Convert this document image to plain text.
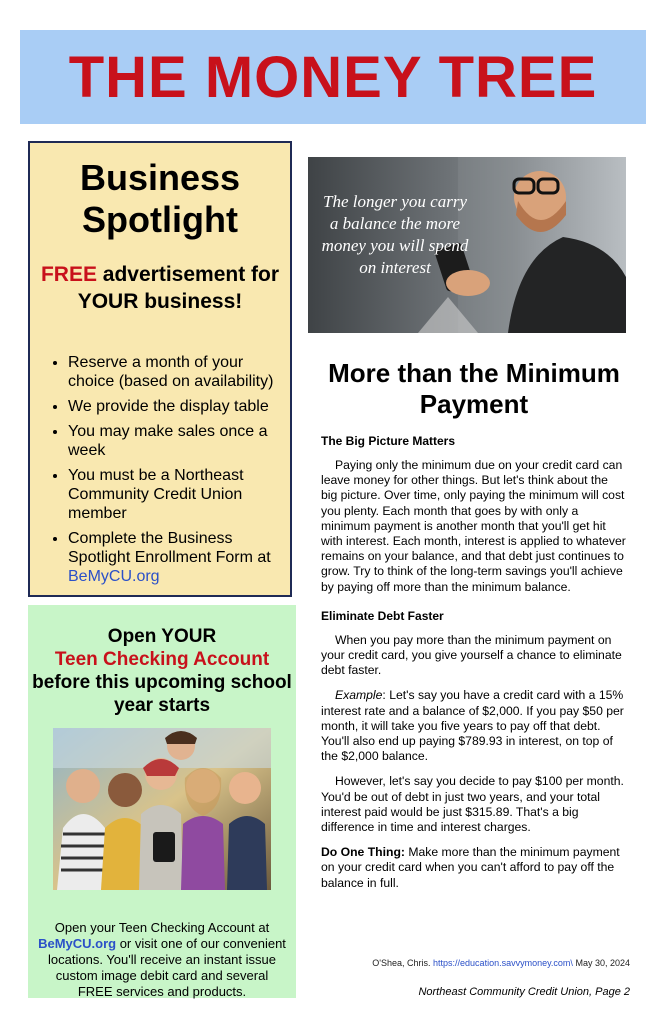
THE MONEY TREE
Business Spotlight

FREE advertisement for YOUR business!

• Reserve a month of your choice (based on availability)
• We provide the display table
• You may make sales once a week
• You must be a Northeast Community Credit Union member
• Complete the Business Spotlight Enrollment Form at BeMyCU.org

Open YOUR
Teen Checking Account
before this upcoming school year starts

Open your Teen Checking Account at BeMyCU.org or visit one of our convenient locations. You'll receive an instant issue custom image debit card and several FREE services and products.

The longer you carry a balance the more money you will spend on interest
More than the Minimum Payment
The Big Picture Matters

Paying only the minimum due on your credit card can leave money for other things. But let's think about the big picture. Over time, only paying the minimum will cost you plenty. Each month that goes by with only a minimum payment is another month that you'll get hit with interest. Each month, interest is applied to whatever remains on your balance, and that debt just continues to grow. Try to think of the long-term savings you'll achieve by paying off more than the minimum balance.

Eliminate Debt Faster

When you pay more than the minimum payment on your credit card, you give yourself a chance to eliminate debt faster.

Example: Let's say you have a credit card with a 15% interest rate and a balance of $2,000. If you pay $50 per month, it will take you five years to pay off that debt. You'll also end up paying $789.93 in interest, on top of the $2,000 balance.

However, let's say you decide to pay $100 per month. You'd be out of debt in just two years, and your total interest paid would be just $315.89. That's a big difference in time and interest charges.

Do One Thing: Make more than the minimum payment on your credit card when you can't afford to pay off the balance in full.

O'Shea, Chris. https://education.savvymoney.com\ May 30, 2024
Northeast Community Credit Union, Page 2
